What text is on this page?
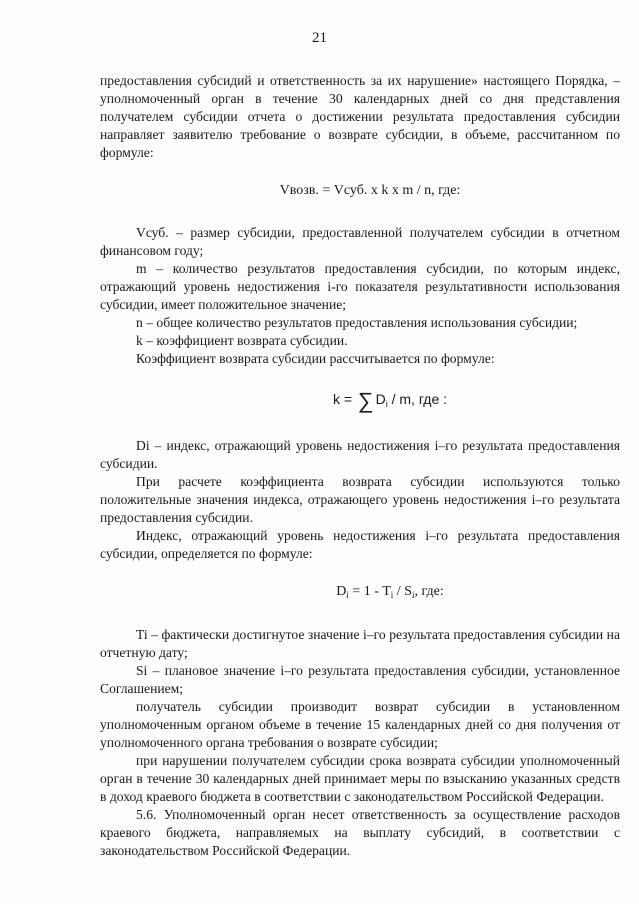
21

предоставления субсидий и ответственность за их нарушение» настоящего Порядка, – уполномоченный орган в течение 30 календарных дней со дня представления получателем субсидии отчета о достижении результата предоставления субсидии направляет заявителю требование о возврате субсидии, в объеме, рассчитанном по формуле:

Vвозв. = Vсуб. x k x m / n, где:

Vсуб. – размер субсидии, предоставленной получателем субсидии в отчетном финансовом году;

m – количество результатов предоставления субсидии, по которым индекс, отражающий уровень недостижения i-го показателя результативности использования субсидии, имеет положительное значение;

n – общее количество результатов предоставления использования субсидии;

k – коэффициент возврата субсидии.

Коэффициент возврата субсидии рассчитывается по формуле:

k = ∑ $D_i$ / m, где :

Di – индекс, отражающий уровень недостижения i–го результата предоставления субсидии.

При расчете коэффициента возврата субсидии используются только положительные значения индекса, отражающего уровень недостижения i–го результата предоставления субсидии.

Индекс, отражающий уровень недостижения i–го результата предоставления субсидии, определяется по формуле:

$D_i = 1 - T_i / S_i$, где:

Ti – фактически достигнутое значение i–го результата предоставления субсидии на отчетную дату;

Si – плановое значение i–го результата предоставления субсидии, установленное Соглашением;

получатель субсидии производит возврат субсидии в установленном уполномоченным органом объеме в течение 15 календарных дней со дня получения от уполномоченного органа требования о возврате субсидии;

при нарушении получателем субсидии срока возврата субсидии уполномоченный орган в течение 30 календарных дней принимает меры по взысканию указанных средств в доход краевого бюджета в соответствии с законодательством Российской Федерации.

5.6. Уполномоченный орган несет ответственность за осуществление расходов краевого бюджета, направляемых на выплату субсидий, в соответствии с законодательством Российской Федерации.
